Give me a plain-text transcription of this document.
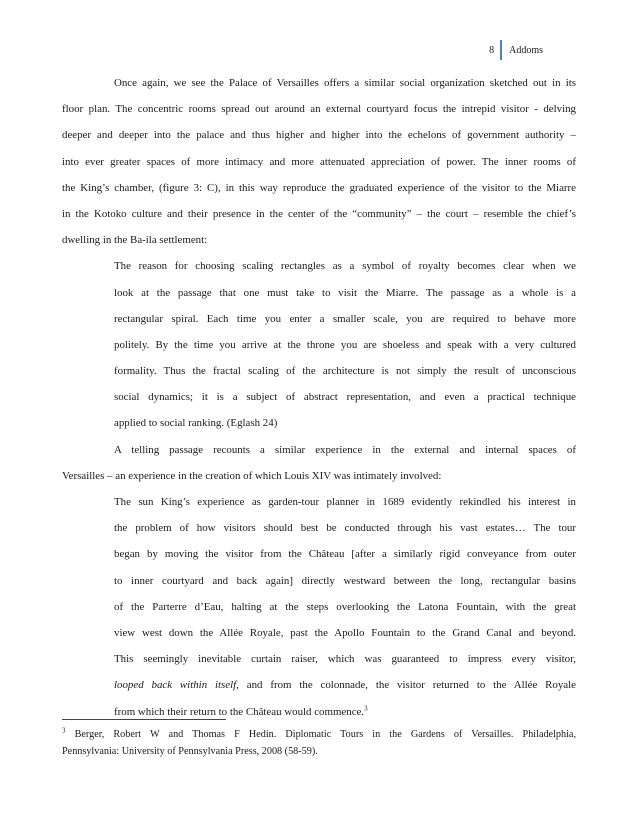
8	Addoms
Once again, we see the Palace of Versailles offers a similar social organization sketched out in its
floor plan. The concentric rooms spread out around an external courtyard focus the intrepid visitor - delving
deeper and deeper into the palace and thus higher and higher into the echelons of government authority –
into ever greater spaces of more intimacy and more attenuated appreciation of power. The inner rooms of
the King’s chamber, (figure 3: C), in this way reproduce the graduated experience of the visitor to the Miarre
in the Kotoko culture and their presence in the center of the “community” – the court – resemble the chief’s
dwelling in the Ba-ila settlement:
The reason for choosing scaling rectangles as a symbol of royalty becomes clear when we
look at the passage that one must take to visit the Miarre. The passage as a whole is a
rectangular spiral. Each time you enter a smaller scale, you are required to behave more
politely. By the time you arrive at the throne you are shoeless and speak with a very cultured
formality. Thus the fractal scaling of the architecture is not simply the result of unconscious
social dynamics; it is a subject of abstract representation, and even a practical technique
applied to social ranking. (Eglash 24)
A telling passage recounts a similar experience in the external and internal spaces of
Versailles – an experience in the creation of which Louis XIV was intimately involved:
The sun King’s experience as garden-tour planner in 1689 evidently rekindled his interest in
the problem of how visitors should best be conducted through his vast estates… The tour
began by moving the visitor from the Château [after a similarly rigid conveyance from outer
to inner courtyard and back again] directly westward between the long, rectangular basins
of the Parterre d’Eau, halting at the steps overlooking the Latona Fountain, with the great
view west down the Allée Royale, past the Apollo Fountain to the Grand Canal and beyond.
This seemingly inevitable curtain raiser, which was guaranteed to impress every visitor,
looped back within itself, and from the colonnade, the visitor returned to the Allée Royale
from which their return to the Château would commence.$^3$
$^3$ Berger, Robert W and Thomas F Hedin. Diplomatic Tours in the Gardens of Versailles. Philadelphia,
Pennsylvania: University of Pennsylvania Press, 2008 (58-59).
